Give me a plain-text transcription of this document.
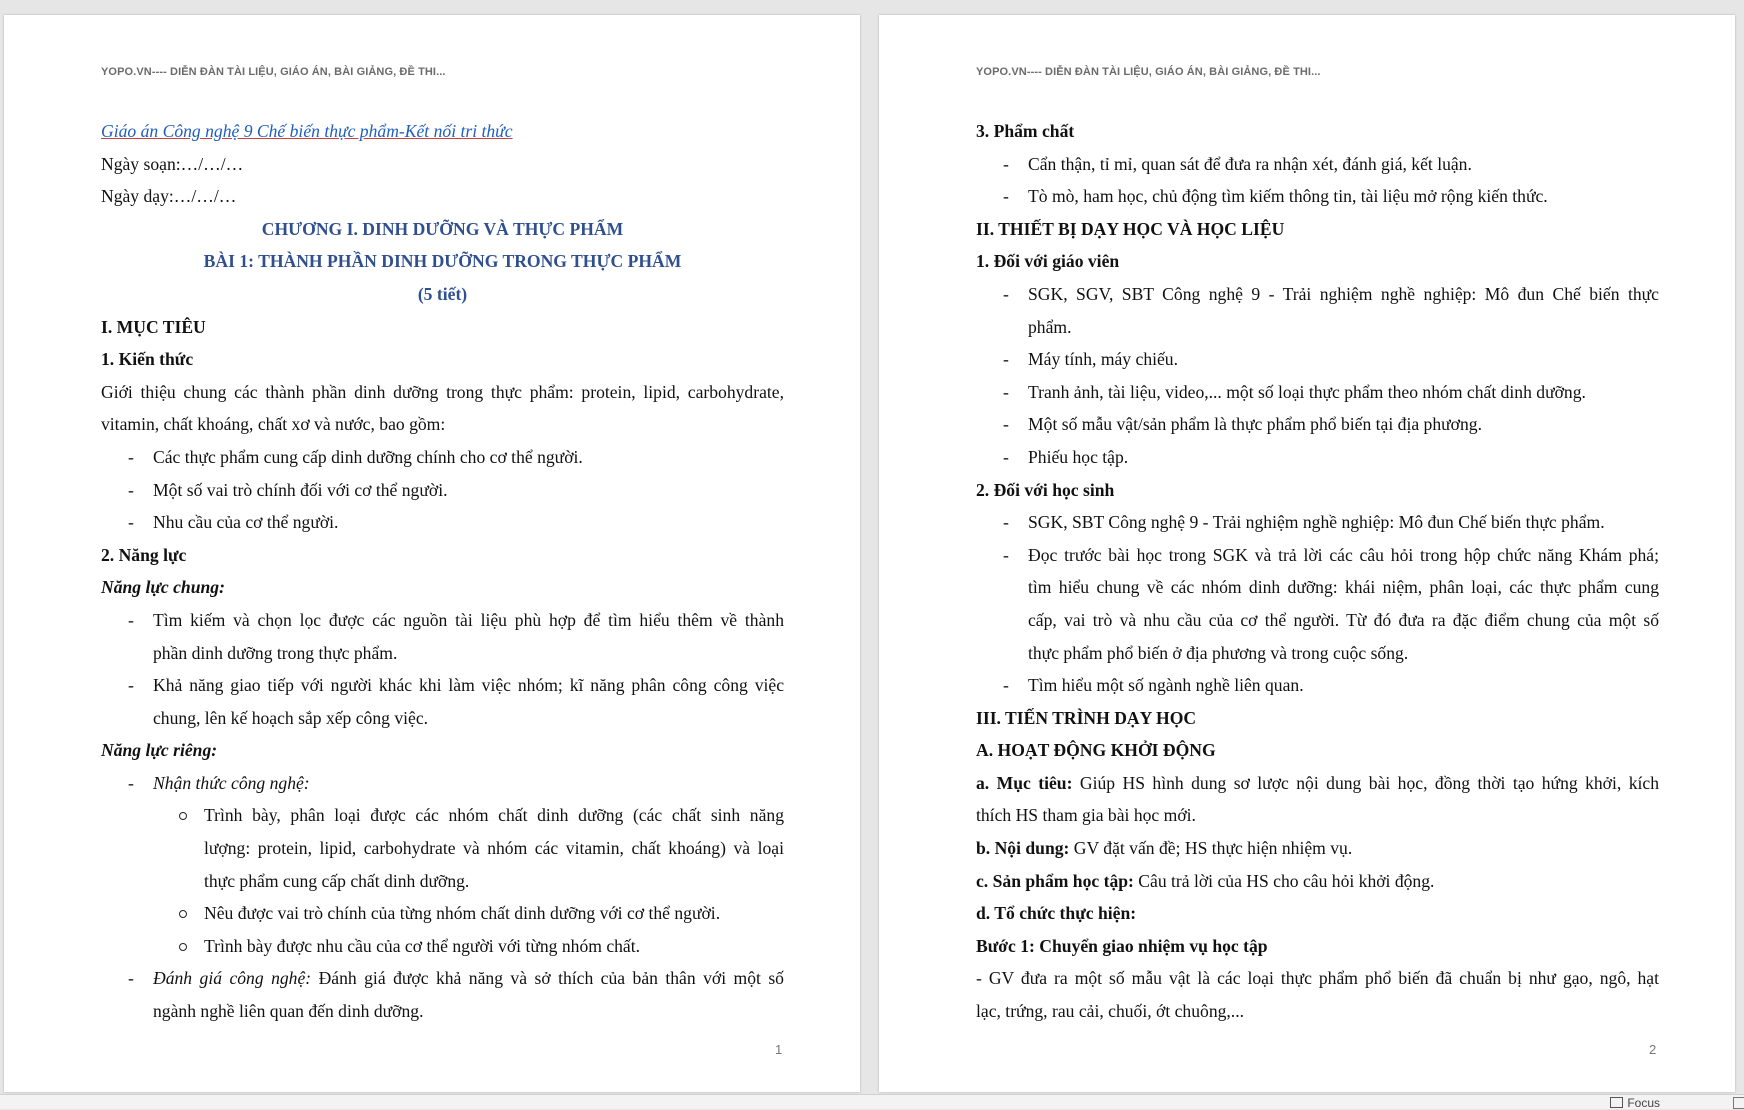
YOPO.VN---- DIỄN ĐÀN TÀI LIỆU, GIÁO ÁN, BÀI GIẢNG, ĐỀ THI...
Giáo án Công nghệ 9 Chế biến thực phẩm-Kết nối tri thức
Ngày soạn:…/…/…
Ngày dạy:…/…/…
CHƯƠNG I. DINH DƯỠNG VÀ THỰC PHẨM
BÀI 1: THÀNH PHẦN DINH DƯỠNG TRONG THỰC PHẨM
(5 tiết)
I. MỤC TIÊU
1. Kiến thức
Giới thiệu chung các thành phần dinh dưỡng trong thực phẩm: protein, lipid, carbohydrate,
vitamin, chất khoáng, chất xơ và nước, bao gồm:
- Các thực phẩm cung cấp dinh dưỡng chính cho cơ thể người.
- Một số vai trò chính đối với cơ thể người.
- Nhu cầu của cơ thể người.
2. Năng lực
Năng lực chung:
- Tìm kiếm và chọn lọc được các nguồn tài liệu phù hợp để tìm hiểu thêm về thành
phần dinh dưỡng trong thực phẩm.
- Khả năng giao tiếp với người khác khi làm việc nhóm; kĩ năng phân công công việc
chung, lên kế hoạch sắp xếp công việc.
Năng lực riêng:
- Nhận thức công nghệ:
Trình bày, phân loại được các nhóm chất dinh dưỡng (các chất sinh năng
lượng: protein, lipid, carbohydrate và nhóm các vitamin, chất khoáng) và loại
thực phẩm cung cấp chất dinh dưỡng.
Nêu được vai trò chính của từng nhóm chất dinh dưỡng với cơ thể người.
Trình bày được nhu cầu của cơ thể người với từng nhóm chất.
- Đánh giá công nghệ: Đánh giá được khả năng và sở thích của bản thân với một số
ngành nghề liên quan đến dinh dưỡng.
1
YOPO.VN---- DIỄN ĐÀN TÀI LIỆU, GIÁO ÁN, BÀI GIẢNG, ĐỀ THI...
3. Phẩm chất
- Cẩn thận, tỉ mỉ, quan sát để đưa ra nhận xét, đánh giá, kết luận.
- Tò mò, ham học, chủ động tìm kiếm thông tin, tài liệu mở rộng kiến thức.
II. THIẾT BỊ DẠY HỌC VÀ HỌC LIỆU
1. Đối với giáo viên
- SGK, SGV, SBT Công nghệ 9 - Trải nghiệm nghề nghiệp: Mô đun Chế biến thực
phẩm.
- Máy tính, máy chiếu.
- Tranh ảnh, tài liệu, video,... một số loại thực phẩm theo nhóm chất dinh dưỡng.
- Một số mẫu vật/sản phẩm là thực phẩm phổ biến tại địa phương.
- Phiếu học tập.
2. Đối với học sinh
- SGK, SBT Công nghệ 9 - Trải nghiệm nghề nghiệp: Mô đun Chế biến thực phẩm.
- Đọc trước bài học trong SGK và trả lời các câu hỏi trong hộp chức năng Khám phá;
tìm hiểu chung về các nhóm dinh dưỡng: khái niệm, phân loại, các thực phẩm cung
cấp, vai trò và nhu cầu của cơ thể người. Từ đó đưa ra đặc điểm chung của một số
thực phẩm phổ biến ở địa phương và trong cuộc sống.
- Tìm hiểu một số ngành nghề liên quan.
III. TIẾN TRÌNH DẠY HỌC
A. HOẠT ĐỘNG KHỞI ĐỘNG
a. Mục tiêu: Giúp HS hình dung sơ lược nội dung bài học, đồng thời tạo hứng khởi, kích
thích HS tham gia bài học mới.
b. Nội dung: GV đặt vấn đề; HS thực hiện nhiệm vụ.
c. Sản phẩm học tập: Câu trả lời của HS cho câu hỏi khởi động.
d. Tổ chức thực hiện:
Bước 1: Chuyển giao nhiệm vụ học tập
- GV đưa ra một số mẫu vật là các loại thực phẩm phổ biến đã chuẩn bị như gạo, ngô, hạt
lạc, trứng, rau cải, chuối, ớt chuông,...
2
Focus
